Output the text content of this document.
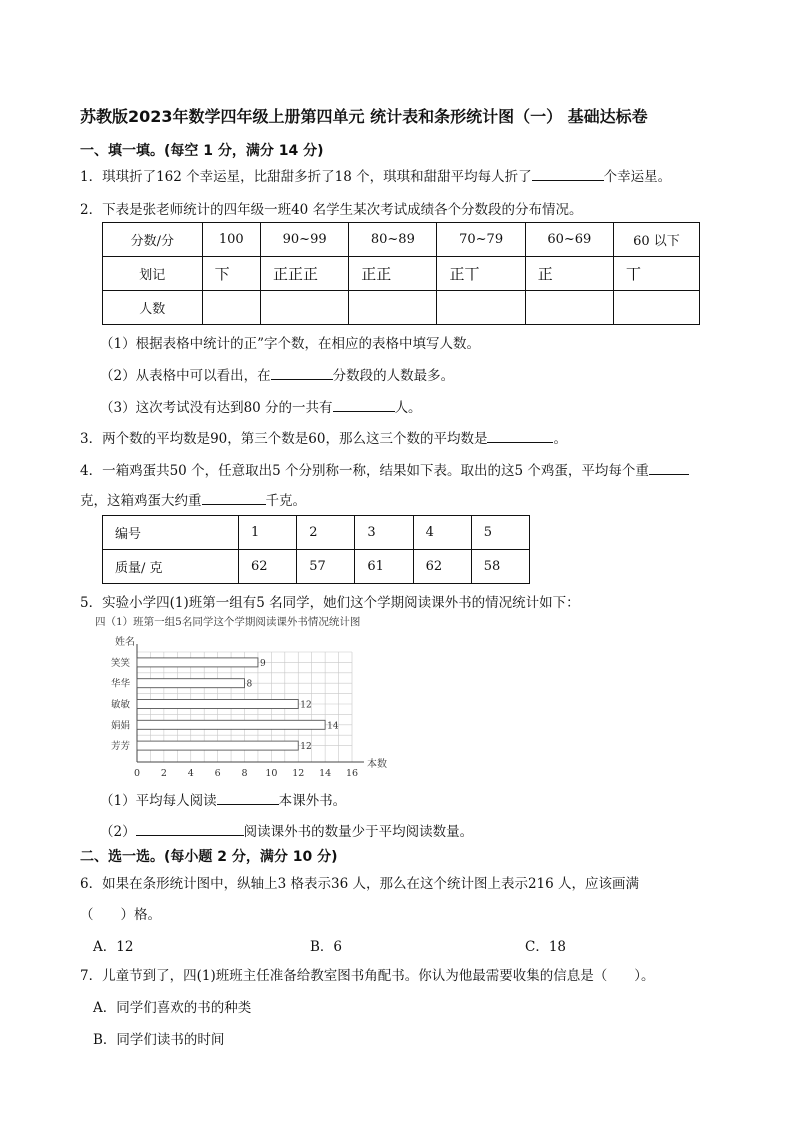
苏教版2023年数学四年级上册第四单元 统计表和条形统计图（一） 基础达标卷
一、填一填。(每空 1 分，满分 14 分)
1．琪琪折了162 个幸运星，比甜甜多折了18 个，琪琪和甜甜平均每人折了	个幸运星。
2．下表是张老师统计的四年级一班40 名学生某次考试成绩各个分数段的分布情况。
分数/分	100	90~99	80~89	70~79	60~69	60 以下
划记	下	正正正	正正	正丅	正	丅
人数						
（1）根据表格中统计的正”字个数，在相应的表格中填写人数。
（2）从表格中可以看出，在	分数段的人数最多。
（3）这次考试没有达到80 分的一共有	人。
3．两个数的平均数是90，第三个数是60，那么这三个数的平均数是	。
4．一箱鸡蛋共50 个，任意取出5 个分别称一称，结果如下表。取出的这5 个鸡蛋，平均每个重
克，这箱鸡蛋大约重	千克。
编号	1	2	3	4	5
质量/ 克	62	57	61	62	58
5．实验小学四(1)班第一组有5 名同学，她们这个学期阅读课外书的情况统计如下：
四（1）班第一组5名同学这个学期阅读课外书情况统计图
姓名
9
8
12
14
12
笑笑
华华
敏敏
娟娟
芳芳
0 2 4 6 8 10 12 14 16
本数
（1）平均每人阅读	本课外书。
（2）	阅读课外书的数量少于平均阅读数量。
二、选一选。(每小题 2 分，满分 10 分)
6．如果在条形统计图中，纵轴上3 格表示36 人，那么在这个统计图上表示216 人，应该画满
（　　）格。
A．12	B．6	C．18
7．儿童节到了，四(1)班班主任准备给教室图书角配书。你认为他最需要收集的信息是（　　）。
A．同学们喜欢的书的种类
B．同学们读书的时间
